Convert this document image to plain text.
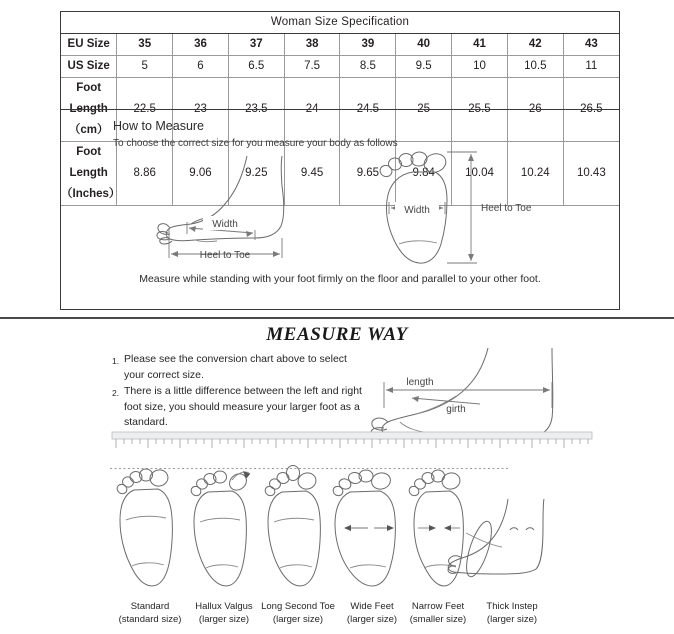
Woman Size Specification									
EU Size	35	36	37	38	39	40	41	42	43
US Size	5	6	6.5	7.5	8.5	9.5	10	10.5	11
Foot Length（cm）	22.5	23	23.5	24	24.5	25	25.5	26	26.5
Foot Length（Inches）	8.86	9.06	9.25	9.45	9.65	9.84	10.04	10.24	10.43
How to Measure
To choose the correct size for you measure your body as follows
Heel to Toe
Width
Width	Heel to Toe
Measure while standing with your foot firmly on the floor and parallel to your other foot.
MEASURE WAY
1. Please see the conversion chart above to select your correct size.
2. There is a little difference between the left and right foot size, you should measure your larger foot as a standard.
length
girth
Standard
(standard size)
Hallux Valgus
(larger size)
Long Second Toe
(larger size)
Wide Feet
(larger size)
Narrow Feet
(smaller size)
Thick Instep
(larger size)
